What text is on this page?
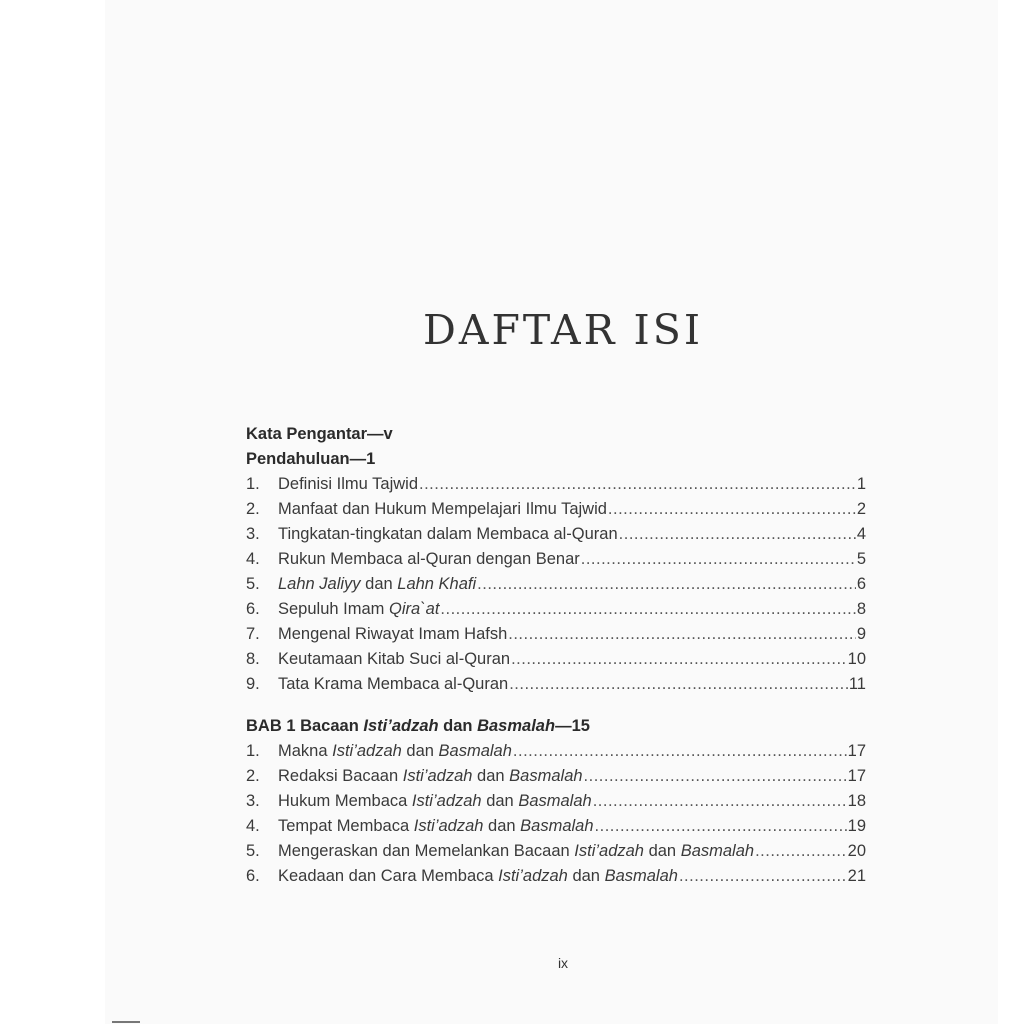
DAFTAR ISI
Kata Pengantar—v
Pendahuluan—1
1.	Definisi Ilmu Tajwid .....	1
2.	Manfaat dan Hukum Mempelajari Ilmu Tajwid .....	2
3.	Tingkatan-tingkatan dalam Membaca al-Quran .....	4
4.	Rukun Membaca al-Quran dengan Benar .....	5
5.	Lahn Jaliyy dan Lahn Khafi .....	6
6.	Sepuluh Imam Qira`at .....	8
7.	Mengenal Riwayat Imam Hafsh .....	9
8.	Keutamaan Kitab Suci al-Quran .....	10
9.	Tata Krama Membaca al-Quran .....	11
BAB 1 Bacaan Isti’adzah dan Basmalah—15
1.	Makna Isti’adzah dan Basmalah .....	17
2.	Redaksi Bacaan Isti’adzah dan Basmalah .....	17
3.	Hukum Membaca Isti’adzah dan Basmalah .....	18
4.	Tempat Membaca Isti’adzah dan Basmalah .....	19
5.	Mengeraskan dan Memelankan Bacaan Isti’adzah dan Basmalah .....	20
6.	Keadaan dan Cara Membaca Isti’adzah dan Basmalah .....	21
ix
